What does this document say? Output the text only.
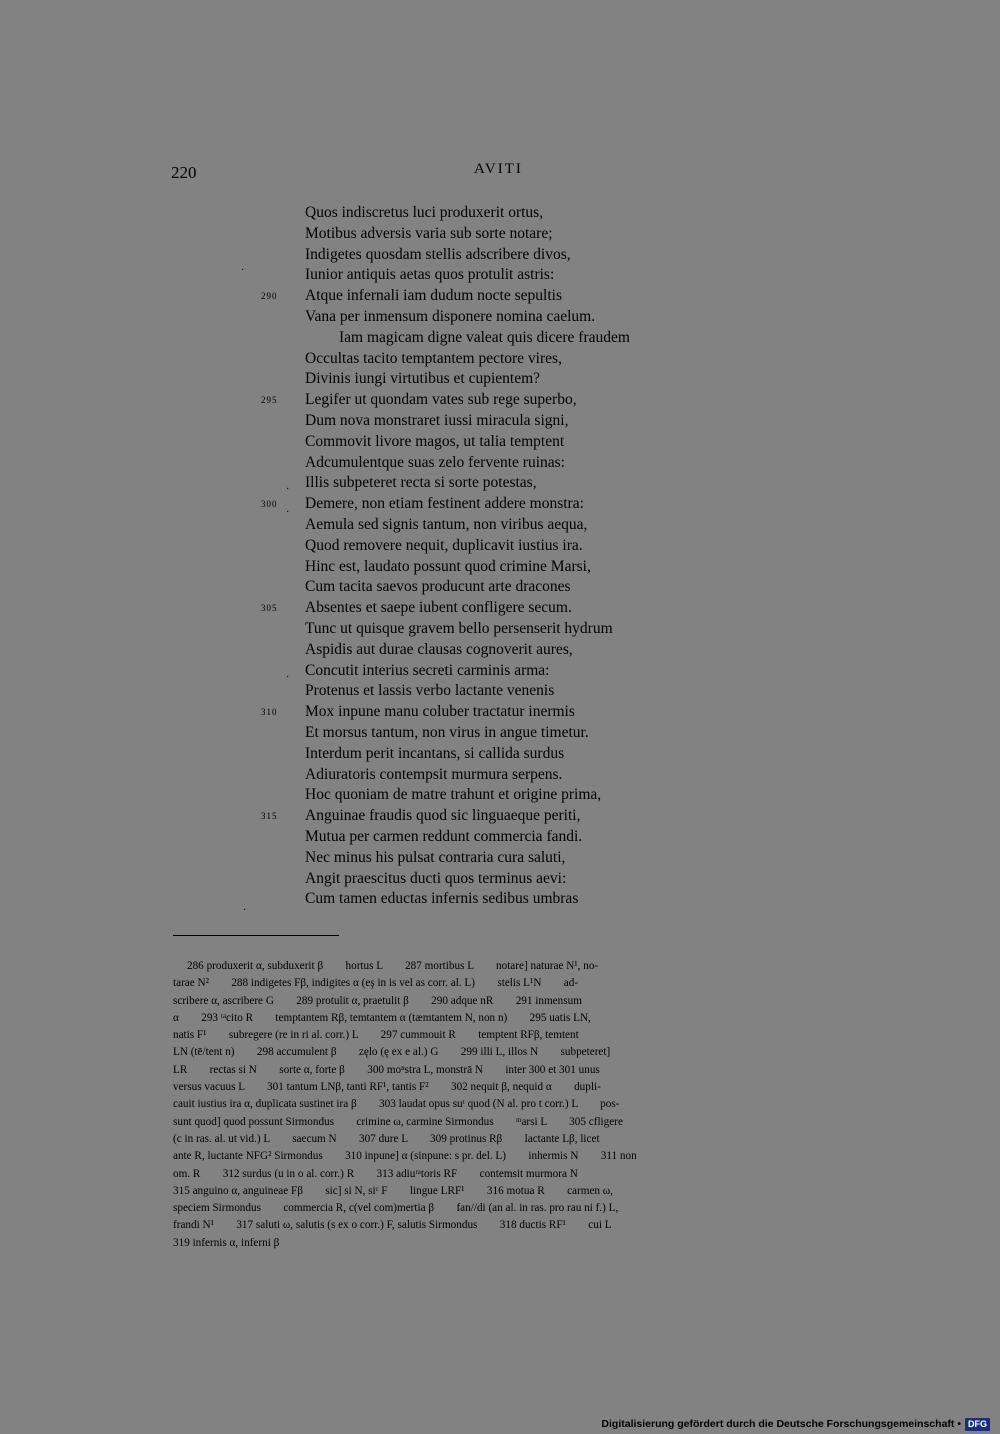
220	AVITI
Quos indiscretus luci produxerit ortus,
Motibus adversis varia sub sorte notare;
Indigetes quosdam stellis adscribere divos,
Iunior antiquis aetas quos protulit astris:
290 Atque infernali iam dudum nocte sepultis
Vana per inmensum disponere nomina caelum.
Iam magicam digne valeat quis dicere fraudem
Occultas tacito temptantem pectore vires,
Divinis iungi virtutibus et cupientem?
295 Legifer ut quondam vates sub rege superbo,
Dum nova monstraret iussi miracula signi,
Commovit livore magos, ut talia temptent
Adcumulentque suas zelo fervente ruinas:
Illis subpeteret recta si sorte potestas,
300 Demere, non etiam festinent addere monstra:
Aemula sed signis tantum, non viribus aequa,
Quod removere nequit, duplicavit iustius ira.
Hinc est, laudato possunt quod crimine Marsi,
Cum tacita saevos producunt arte dracones
305 Absentes et saepe iubent confligere secum.
Tunc ut quisque gravem bello persenserit hydrum
Aspidis aut durae clausas cognoverit aures,
Concutit interius secreti carminis arma:
Protenus et lassis verbo lactante venenis
310 Mox inpune manu coluber tractatur inermis
Et morsus tantum, non virus in angue timetur.
Interdum perit incantans, si callida surdus
Adiuratoris contempsit murmura serpens.
Hoc quoniam de matre trahunt et origine prima,
315 Anguinae fraudis quod sic linguaeque periti,
Mutua per carmen reddunt commercia fandi.
Nec minus his pulsat contraria cura saluti,
Angit praescitus ducti quos terminus aevi:
Cum tamen eductas infernis sedibus umbras
·
·
·
·
·
286 produxerit α, subduxerit β        hortus L        287 mortibus L        notare] naturae N¹, no-
tarae N²        288 indigetes Fβ, indigites α (eş in is vel as corr. al. L)        stelis L¹N        ad-
scribere α, ascribere G        289 protulit α, praetulit β        290 adque nR        291 inmensum
α        293 ᵗᵃcito R        temptantem Rβ, temtantem α (tæmtantem N, non n)        295 uatis LN,
natis F¹        subregere (re in ri al. corr.) L        297 cummouit R        temptent RFβ, temtent
LN (tē/tent n)        298 accumulent β        zęlo (ę ex e al.) G        299 illi L, illos N        subpeteret]
LR        rectas si N        sorte α, forte β        300 moⁿstra L, monstrā N        inter 300 et 301 unus
versus vacuus L        301 tantum LNβ, tanti RF¹, tantis F²        302 nequit β, nequid α        dupli-
cauit iustius ira α, duplicata sustinet ira β        303 laudat opus suᵗ quod (N al. pro t corr.) L        pos-
sunt quod] quod possunt Sirmondus        crimine ω, carmine Sirmondus        ᵐarsi L        305 cfligere
(c in ras. al. ut vid.) L        saecum N        307 dure L        309 protinus Rβ        lactante Lβ, licet
ante R, luctante NFG² Sirmondus        310 inpune] α (sinpune: s pr. del. L)        inhermis N        311 non
om. R        312 surdus (u in o al. corr.) R        313 adiuʳᵃtoris RF        contemsit murmora N
315 anguino α, anguineae Fβ        sic] si N, siᶜ F        lingue LRF¹        316 motua R        carmen ω,
speciem Sirmondus        commercia R, c(vel com)mertia β        fan//di (an al. in ras. pro rau ni f.) L,
frandi N¹        317 saluti ω, salutis (s ex o corr.) F, salutis Sirmondus        318 ductis RF¹        cui L
319 infernis α, inferni β
Digitalisierung gefördert durch die Deutsche Forschungsgemeinschaft • DFG
